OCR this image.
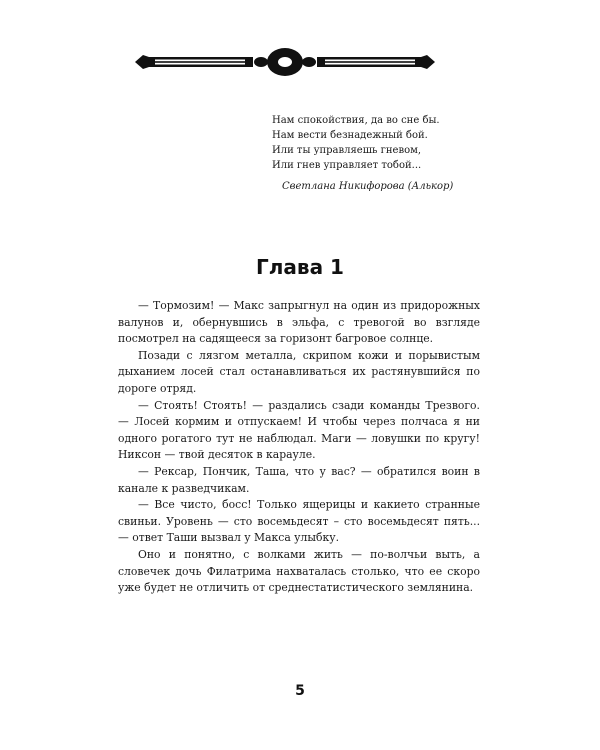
Нам спокойствия, да во сне бы.
Нам вести безнадежный бой.
Или ты управляешь гневом,
Или гнев управляет тобой...
Светлана Никифорова (Алькор)
Глава 1

— Тормозим! — Макс запрыгнул на один из придорожных валунов и, обернувшись в эльфа, с тревогой во взгляде посмотрел на садящееся за горизонт багровое солнце.

Позади с лязгом металла, скрипом кожи и порывистым дыханием лосей стал останавливаться их растянувшийся по дороге отряд.

— Стоять! Стоять! — раздались сзади команды Трезвого. — Лосей кормим и отпускаем! И чтобы через полчаса я ни одного рогатого тут не наблюдал. Маги — ловушки по кругу! Никсон — твой десяток в карауле.

— Рексар, Пончик, Таша, что у вас? — обратился воин в канале к разведчикам.

— Все чисто, босс! Только ящерицы и какието странные свиньи. Уровень — сто восемьдесят – сто восемьдесят пять... — ответ Таши вызвал у Макса улыбку.

Оно и понятно, с волками жить — по-волчьи выть, а словечек дочь Филатрима нахваталась столько, что ее скоро уже будет не отличить от среднестатистического землянина.

5
